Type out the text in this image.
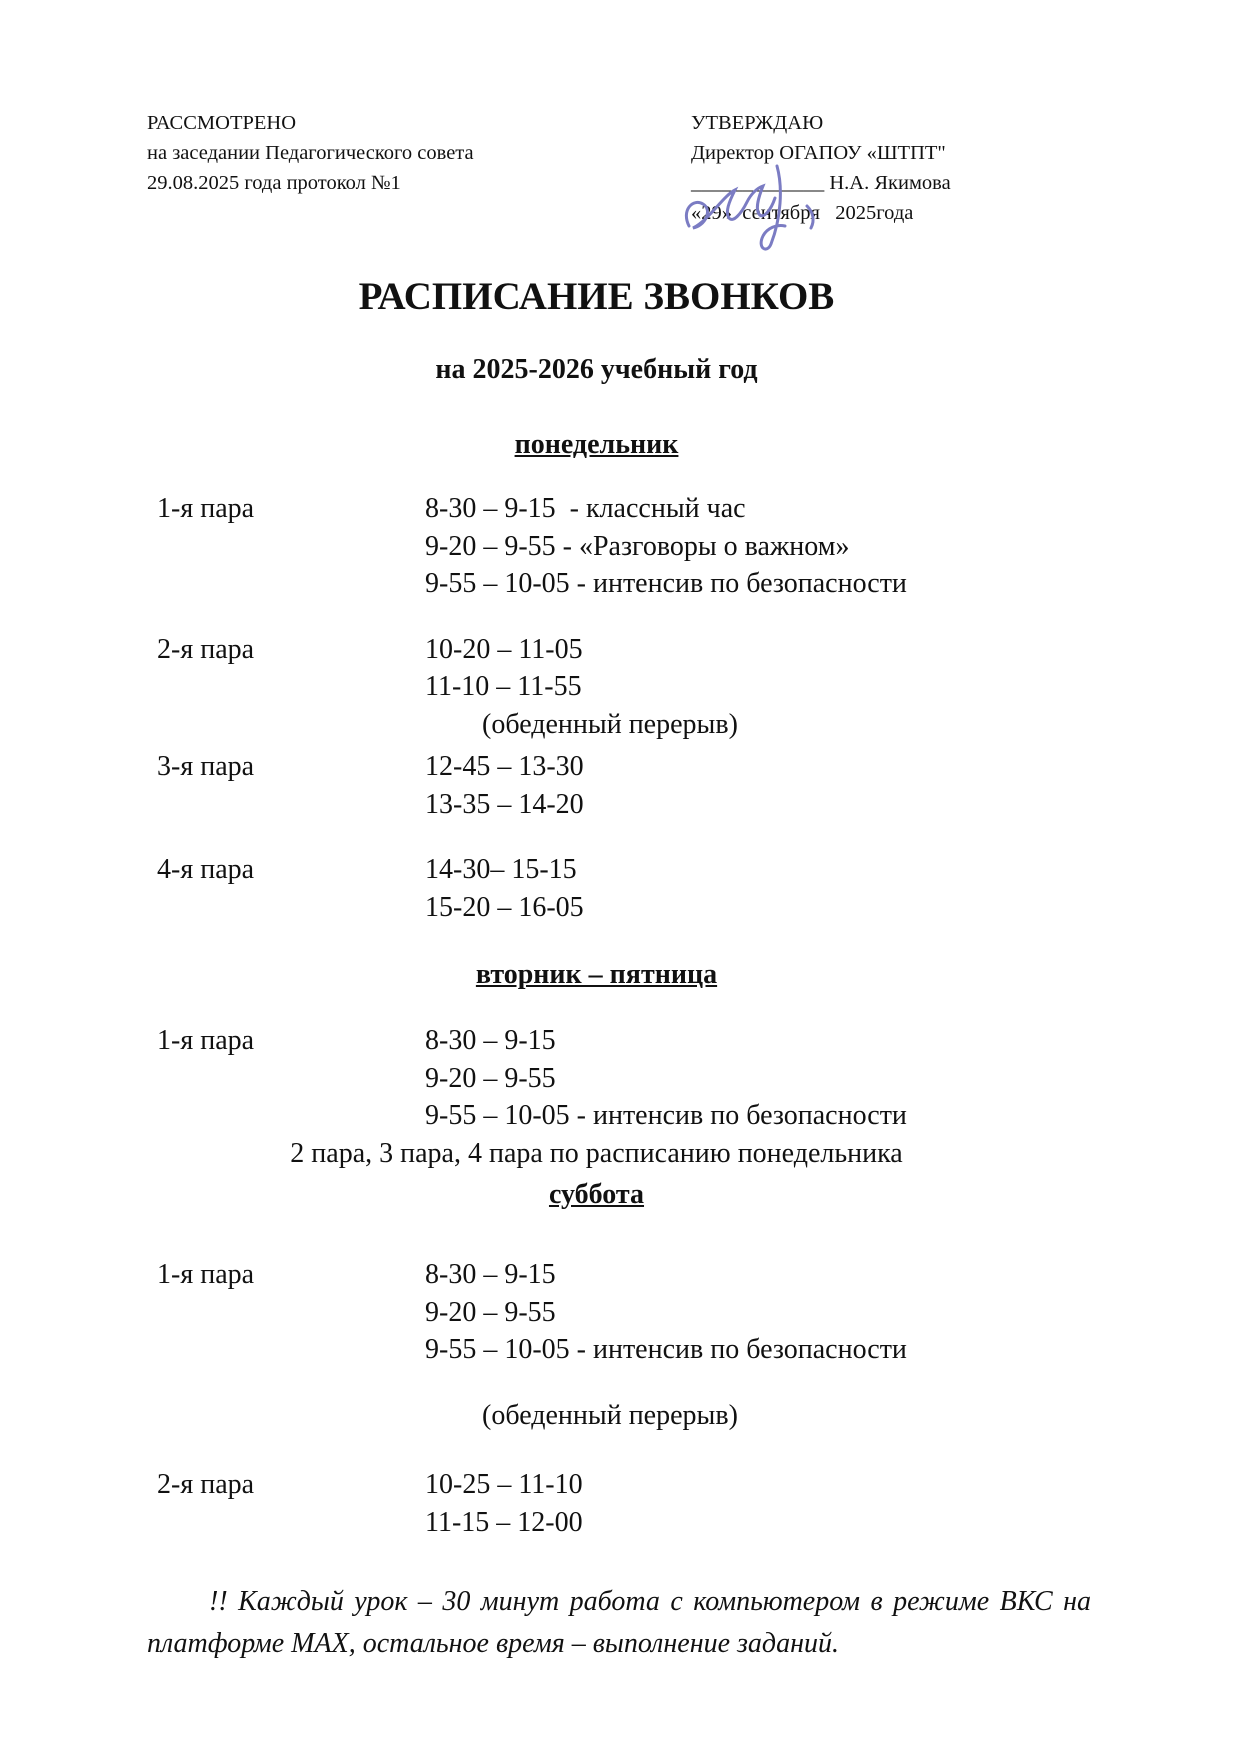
РАССМОТРЕНО
на заседании Педагогического совета
29.08.2025 года протокол №1
УТВЕРЖДАЮ
Директор ОГАПОУ «ШТПТ"
_____________ Н.А. Якимова
«29»  сентября   2025года
РАСПИСАНИЕ ЗВОНКОВ
на 2025-2026 учебный год
понедельник
1-я пара	8-30 – 9-15  - классный час
9-20 – 9-55 - «Разговоры о важном»
9-55 – 10-05 - интенсив по безопасности
2-я пара	10-20 – 11-05
11-10 – 11-55
(обеденный перерыв)
3-я пара	12-45 – 13-30
13-35 – 14-20
4-я пара	14-30– 15-15
15-20 – 16-05
вторник – пятница
1-я пара	8-30 – 9-15
9-20 – 9-55
9-55 – 10-05 - интенсив по безопасности
2 пара, 3 пара, 4 пара по расписанию понедельника
суббота
1-я пара	8-30 – 9-15
9-20 – 9-55
9-55 – 10-05 - интенсив по безопасности
(обеденный перерыв)
2-я пара	10-25 – 11-10
11-15 – 12-00
!! Каждый урок – 30 минут работа с компьютером в режиме ВКС на платформе MAX, остальное время – выполнение заданий.
